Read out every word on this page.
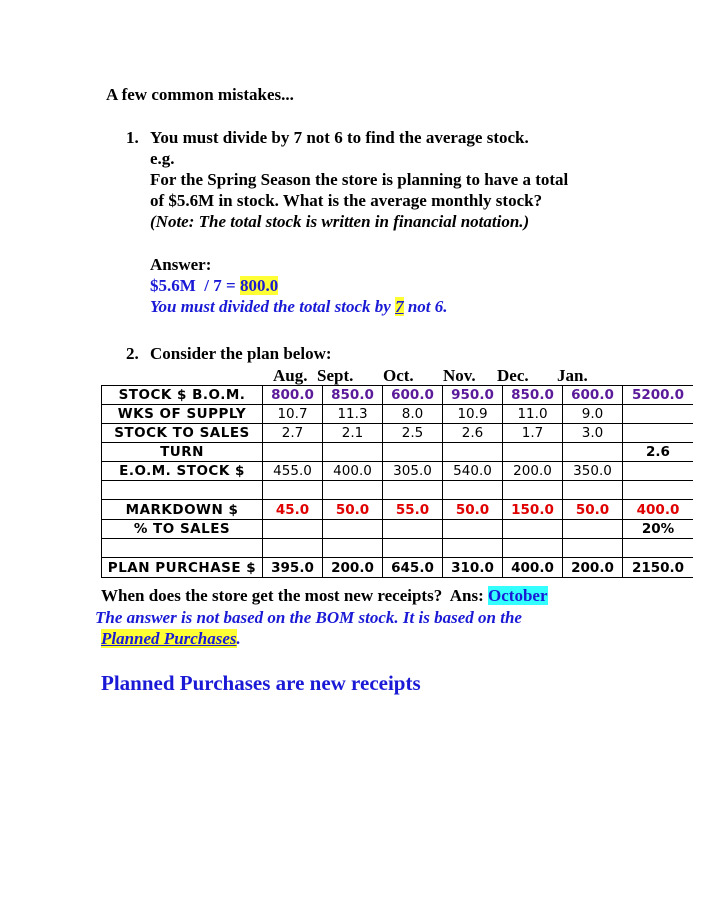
A few common mistakes...
1. You must divide by 7 not 6 to find the average stock.
e.g.
For the Spring Season the store is planning to have a total
of $5.6M in stock. What is the average monthly stock?
(Note: The total stock is written in financial notation.)
Answer:
$5.6M  / 7 = 800.0
You must divided the total stock by 7 not 6.
2. Consider the plan below:
Aug. Sept. Oct. Nov. Dec. Jan.
STOCK $ B.O.M.	800.0	850.0	600.0	950.0	850.0	600.0	5200.0
WKS OF SUPPLY	10.7	11.3	8.0	10.9	11.0	9.0	
STOCK TO SALES	2.7	2.1	2.5	2.6	1.7	3.0	
TURN							2.6
E.O.M. STOCK $	455.0	400.0	305.0	540.0	200.0	350.0	

MARKDOWN $	45.0	50.0	55.0	50.0	150.0	50.0	400.0
% TO SALES							20%

PLAN PURCHASE $	395.0	200.0	645.0	310.0	400.0	200.0	2150.0
When does the store get the most new receipts?  Ans: October
The answer is not based on the BOM stock. It is based on the
Planned Purchases.
Planned Purchases are new receipts
